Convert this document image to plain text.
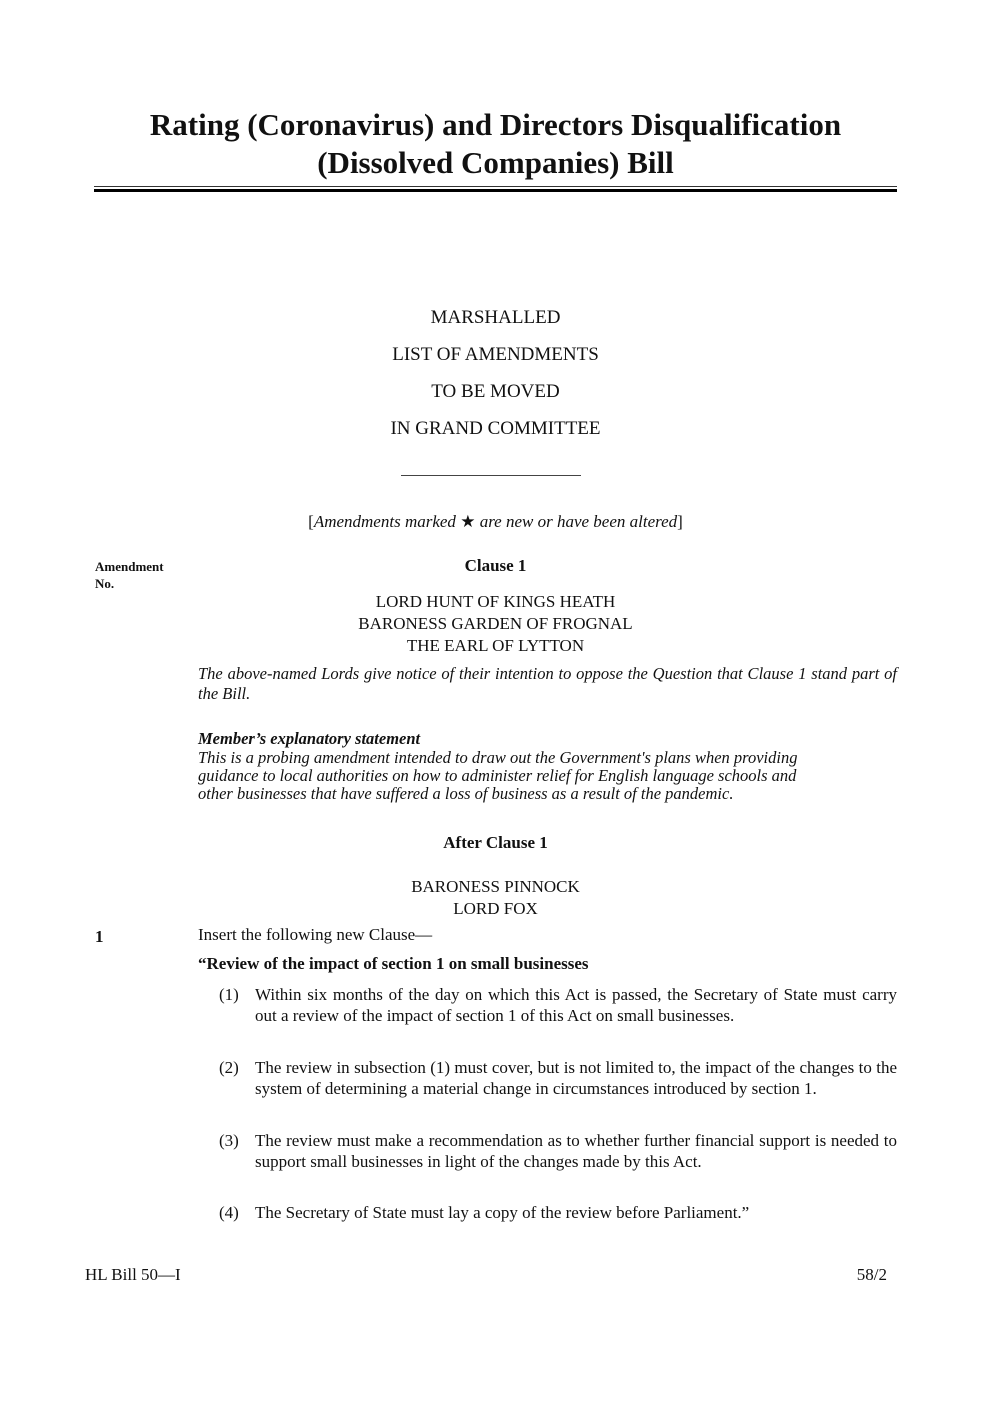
Rating (Coronavirus) and Directors Disqualification
(Dissolved Companies) Bill
MARSHALLED
LIST OF AMENDMENTS
TO BE MOVED
IN GRAND COMMITTEE
[Amendments marked ★ are new or have been altered]
Amendment
No.
Clause 1
LORD HUNT OF KINGS HEATH
BARONESS GARDEN OF FROGNAL
THE EARL OF LYTTON
The above-named Lords give notice of their intention to oppose the Question that Clause 1 stand part of the Bill.
Member’s explanatory statement
This is a probing amendment intended to draw out the Government's plans when providing
guidance to local authorities on how to administer relief for English language schools and
other businesses that have suffered a loss of business as a result of the pandemic.
After Clause 1
BARONESS PINNOCK
LORD FOX
1	Insert the following new Clause—
“Review of the impact of section 1 on small businesses
(1) Within six months of the day on which this Act is passed, the Secretary of State must carry out a review of the impact of section 1 of this Act on small businesses.
(2) The review in subsection (1) must cover, but is not limited to, the impact of the changes to the system of determining a material change in circumstances introduced by section 1.
(3) The review must make a recommendation as to whether further financial support is needed to support small businesses in light of the changes made by this Act.
(4) The Secretary of State must lay a copy of the review before Parliament.”
HL Bill 50—I	58/2
